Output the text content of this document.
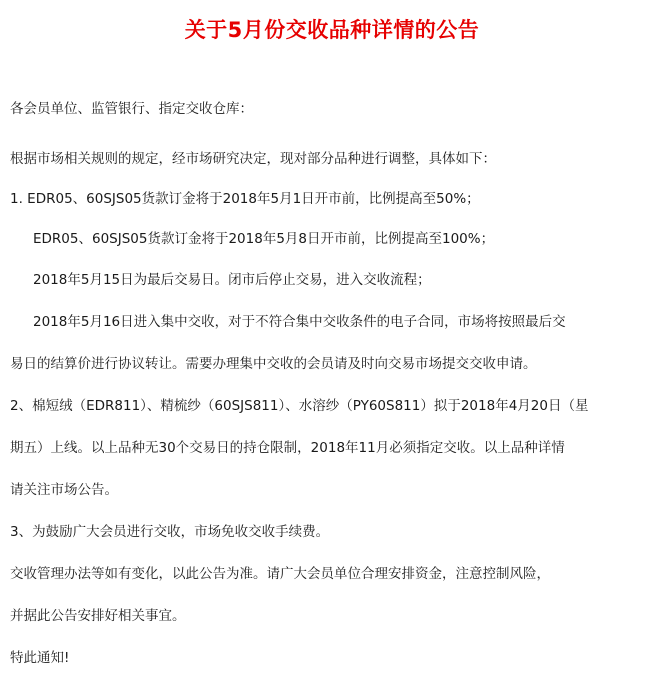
关于5月份交收品种详情的公告
各会员单位、监管银行、指定交收仓库：
根据市场相关规则的规定，经市场研究决定，现对部分品种进行调整，具体如下：
1. EDR05、60SJS05货款订金将于2018年5月1日开市前，比例提高至50%；
EDR05、60SJS05货款订金将于2018年5月8日开市前，比例提高至100%；
2018年5月15日为最后交易日。闭市后停止交易，进入交收流程；
2018年5月16日进入集中交收，对于不符合集中交收条件的电子合同，市场将按照最后交
易日的结算价进行协议转让。需要办理集中交收的会员请及时向交易市场提交交收申请。
2、棉短绒（EDR811）、精梳纱（60SJS811）、水溶纱（PY60S811）拟于2018年4月20日（星
期五）上线。以上品种无30个交易日的持仓限制，2018年11月必须指定交收。以上品种详情
请关注市场公告。
3、为鼓励广大会员进行交收，市场免收交收手续费。
交收管理办法等如有变化，以此公告为准。请广大会员单位合理安排资金，注意控制风险，
并据此公告安排好相关事宜。
特此通知!
